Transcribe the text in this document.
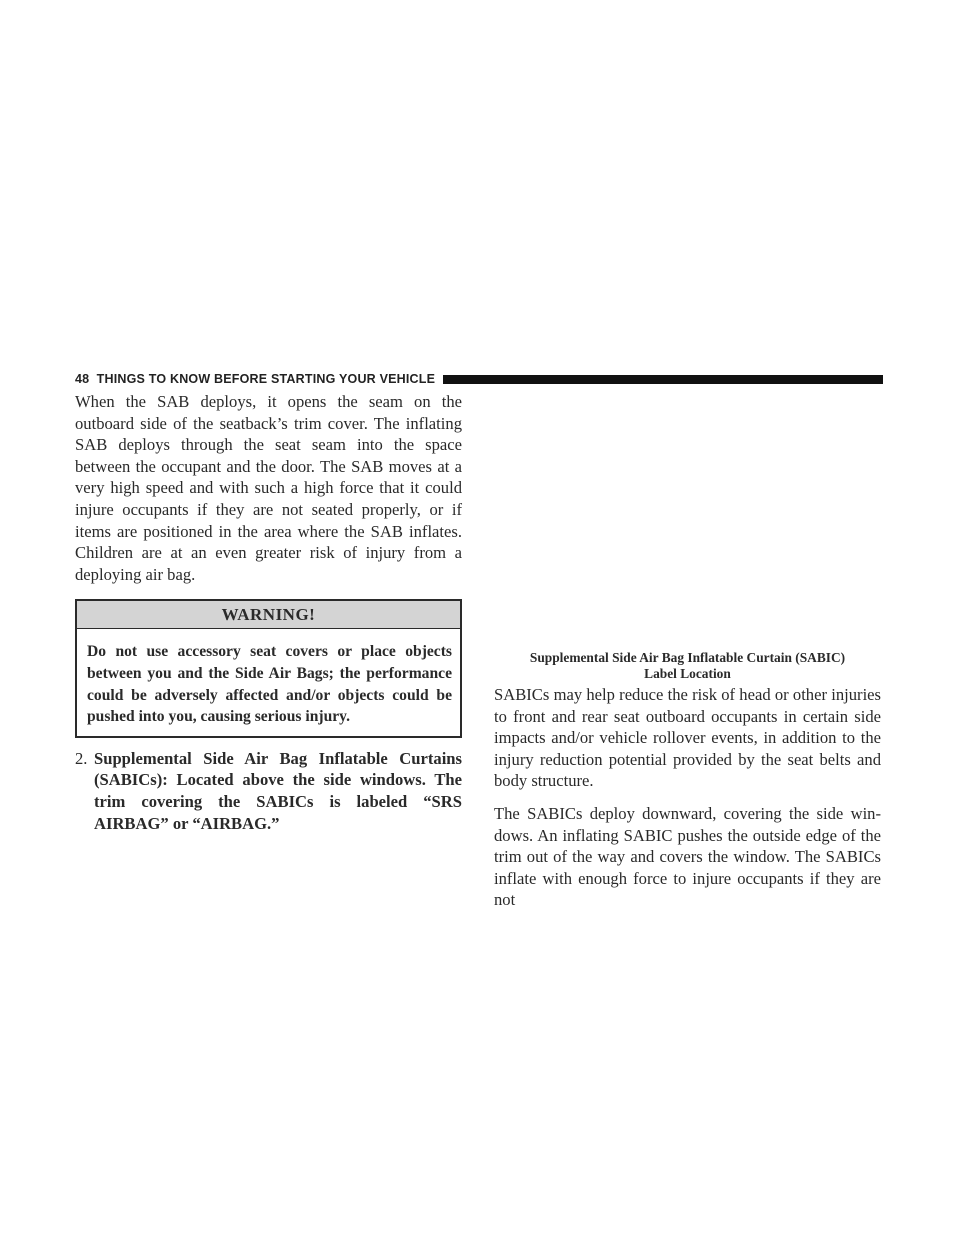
48 THINGS TO KNOW BEFORE STARTING YOUR VEHICLE

When the SAB deploys, it opens the seam on the outboard side of the seatback’s trim cover. The inflating SAB deploys through the seat seam into the space between the occupant and the door. The SAB moves at a very high speed and with such a high force that it could injure occupants if they are not seated properly, or if items are positioned in the area where the SAB inflates. Children are at an even greater risk of injury from a deploying air bag.

WARNING!
Do not use accessory seat covers or place objects between you and the Side Air Bags; the performance could be adversely affected and/or objects could be pushed into you, causing serious injury.
2. Supplemental Side Air Bag Inflatable Curtains (SABICs): Located above the side windows. The trim covering the SABICs is labeled “SRS AIRBAG” or “AIRBAG.”
Supplemental Side Air Bag Inflatable Curtain (SABIC)
Label Location

SABICs may help reduce the risk of head or other injuries to front and rear seat outboard occupants in certain side impacts and/or vehicle rollover events, in addition to the injury reduction potential provided by the seat belts and body structure.

The SABICs deploy downward, covering the side win- dows. An inflating SABIC pushes the outside edge of the trim out of the way and covers the window. The SABICs inflate with enough force to injure occupants if they are not
